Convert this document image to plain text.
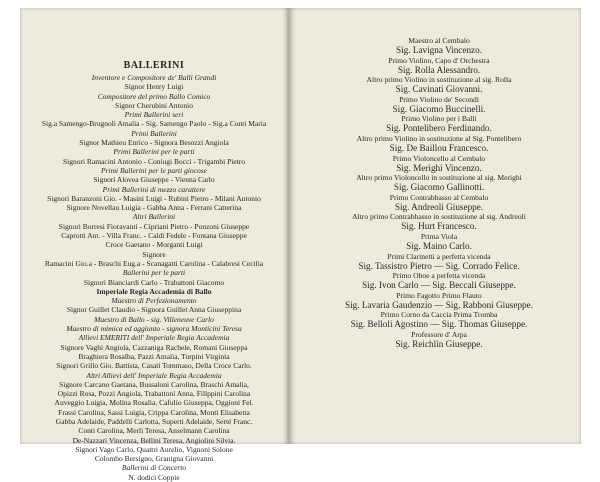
BALLERINI

Inventore e Compositore de' Balli Grandi

Signor Henry Luigi

Compositore del primo Ballo Comico

Signor Cherubini Antonio

Primi Ballerini seri

Sig.a Samengo-Brugnoli Amalia - Sig. Samengo Paolo - Sig.a Conti Maria

Primi Ballerini

Signor Mathieu Enrico - Signora Besozzi Angiola

Primi Ballerini per le parti

Signori Ramacini Antonio - Coniugi Bocci - Trigambi Pietro

Primi Ballerini per le parti giocose

Signori Alovea Giuseppe - Vienna Carlo

Primi Ballerini di mezzo carattere

Signori Baranzoni Gio. - Masini Luigi - Rubini Pietro - Milani Antonio

Signore Novellau Luigia - Gabba Anna - Ferrani Catterina

Altri Ballerini

Signori Borresi Fioravanti - Cipriani Pietro - Ponzoni Giuseppe

Caprotti Ant. - Villa Franc. - Caldi Fedele - Fontana Giuseppe

Croce Gaetano - Morganti Luigi

Signore

Ramacini Gio.a - Braschi Eug.a - Scanagatti Carolina - Calabresi Cecilia

Ballerini per le parti

Signori Bianciardi Carlo - Trabattoni Giacomo

Imperiale Regia Accademia di Ballo

Maestro di Perfezionamento

Signor Guillet Claudio - Signora Guillet Anna Giuseppina

Maestro di Ballo - sig. Villeneuve Carlo

Maestro di mimica ed aggiunto - signora Monticini Teresa

Allievi EMERITI dell' Imperiale Regia Accademia

Signore Vaghi Angiola, Cazzaniga Rachele, Romani Giuseppa

Braghiera Rosalba, Pazzi Amalia, Turpini Virginia

Signori Grillo Gio. Battista, Casati Tommaso, Della Croce Carlo.

Altri Allievi dell' Imperiale Regia Accademia

Signore Carcano Gaetana, Bussaloni Carolina, Braschi Amalia,

Opizzi Rosa, Pozzi Angiola, Trabattoni Anna, Filippini Carolina

Auveggio Luigia, Molina Rosalia, Cafulio Giuseppa, Oggioni Fel.

Frassi Carolina, Sassi Luigia, Crippa Carolina, Monti Elisabetta

Gabba Adelaide, Paddelli Carlotta, Superti Adelaide, Serté Franc.

Conti Carolina, Merli Teresa, Anselmann Carolina

De-Nazzari Vincenza, Bellini Teresa, Angiolini Silvia.

Signori Vago Carlo, Quattri Aurelio, Vignoni Solone

Colombo Bersigno, Granigna Giovanni

Ballerini di Concerto

N. dodici Coppie

Maestro al Cembalo

Sig. Lavigna Vincenzo.

Primo Violino, Capo d' Orchestra

Sig. Rolla Alessandro.

Altro primo Violino in sostituzione al sig. Rolla

Sig. Cavinati Giovanni.

Primo Violino de' Secondi

Sig. Giacomo Buccinelli.

Primo Violino per i Balli

Sig. Pontelibero Ferdinando.

Altro primo Violino in sostituzione al Sig. Pontelibero

Sig. De Baillou Francesco.

Primo Violoncello al Cembalo

Sig. Merighi Vincenzo.

Altro primo Violoncello in sostituzione al sig. Merighi

Sig. Giacomo Gallinotti.

Primo Contrabbasso al Cembalo

Sig. Andreoli Giuseppe.

Altro primo Contrabbasso in sostituzione al sig. Andreoli

Sig. Hurt Francesco.

Prima Viola

Sig. Maino Carlo.

Primi Clarinetti a perfetta vicenda

Sig. Tassistro Pietro — Sig. Corrado Felice.

Primo Oboe a perfetta vicenda

Sig. Ivon Carlo — Sig. Beccali Giuseppe.

Primo Fagotto Primo Flauto

Sig. Lavaria Gaudenzio — Sig. Rabboni Giuseppe.

Primo Corno da Caccia Prima Tromba

Sig. Belloli Agostino — Sig. Thomas Giuseppe.

Professore d' Arpa

Sig. Reichlin Giuseppe.
